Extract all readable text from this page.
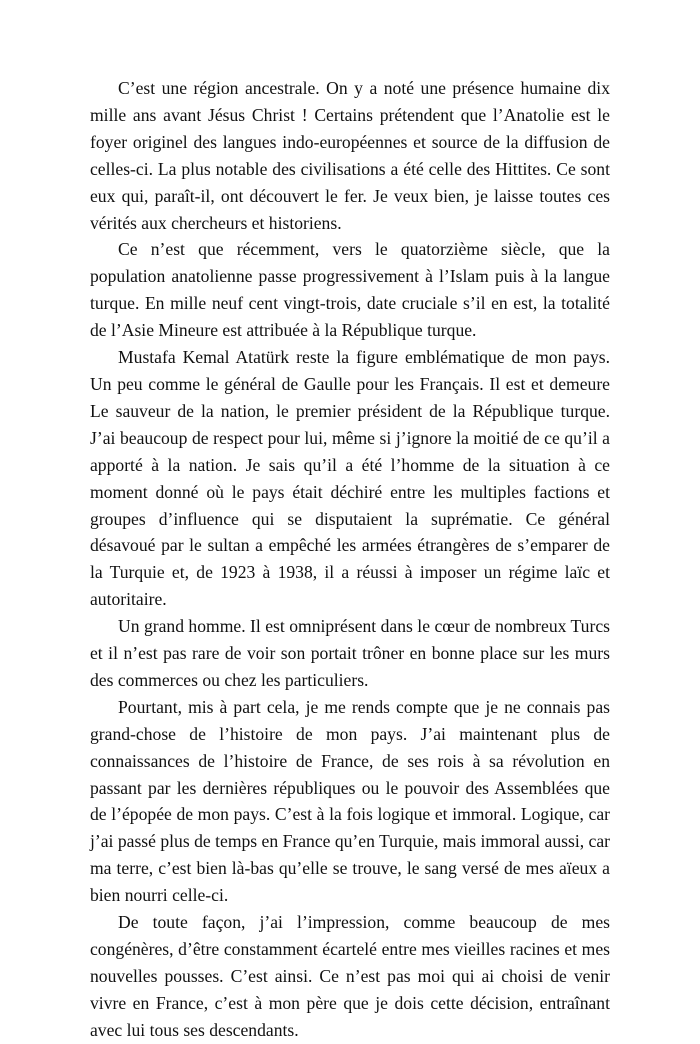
C’est une région ancestrale. On y a noté une présence humaine dix mille ans avant Jésus Christ ! Certains prétendent que l’Anatolie est le foyer originel des langues indo-européennes et source de la diffusion de celles-ci. La plus notable des civilisations a été celle des Hittites. Ce sont eux qui, paraît-il, ont découvert le fer. Je veux bien, je laisse toutes ces vérités aux chercheurs et historiens.

Ce n’est que récemment, vers le quatorzième siècle, que la population anatolienne passe progressivement à l’Islam puis à la langue turque. En mille neuf cent vingt-trois, date cruciale s’il en est, la totalité de l’Asie Mineure est attribuée à la République turque.

Mustafa Kemal Atatürk reste la figure emblématique de mon pays. Un peu comme le général de Gaulle pour les Français. Il est et demeure Le sauveur de la nation, le premier président de la République turque. J’ai beaucoup de respect pour lui, même si j’ignore la moitié de ce qu’il a apporté à la nation. Je sais qu’il a été l’homme de la situation à ce moment donné où le pays était déchiré entre les multiples factions et groupes d’influence qui se disputaient la suprématie. Ce général désavoué par le sultan a empêché les armées étrangères de s’emparer de la Turquie et, de 1923 à 1938, il a réussi à imposer un régime laïc et autoritaire.

Un grand homme. Il est omniprésent dans le cœur de nombreux Turcs et il n’est pas rare de voir son portait trôner en bonne place sur les murs des commerces ou chez les particuliers.

Pourtant, mis à part cela, je me rends compte que je ne connais pas grand-chose de l’histoire de mon pays. J’ai maintenant plus de connaissances de l’histoire de France, de ses rois à sa révolution en passant par les dernières républiques ou le pouvoir des Assemblées que de l’épopée de mon pays. C’est à la fois logique et immoral. Logique, car j’ai passé plus de temps en France qu’en Turquie, mais immoral aussi, car ma terre, c’est bien là-bas qu’elle se trouve, le sang versé de mes aïeux a bien nourri celle-ci.

De toute façon, j’ai l’impression, comme beaucoup de mes congénères, d’être constamment écartelé entre mes vieilles racines et mes nouvelles pousses. C’est ainsi. Ce n’est pas moi qui ai choisi de venir vivre en France, c’est à mon père que je dois cette décision, entraînant avec lui tous ses descendants.
